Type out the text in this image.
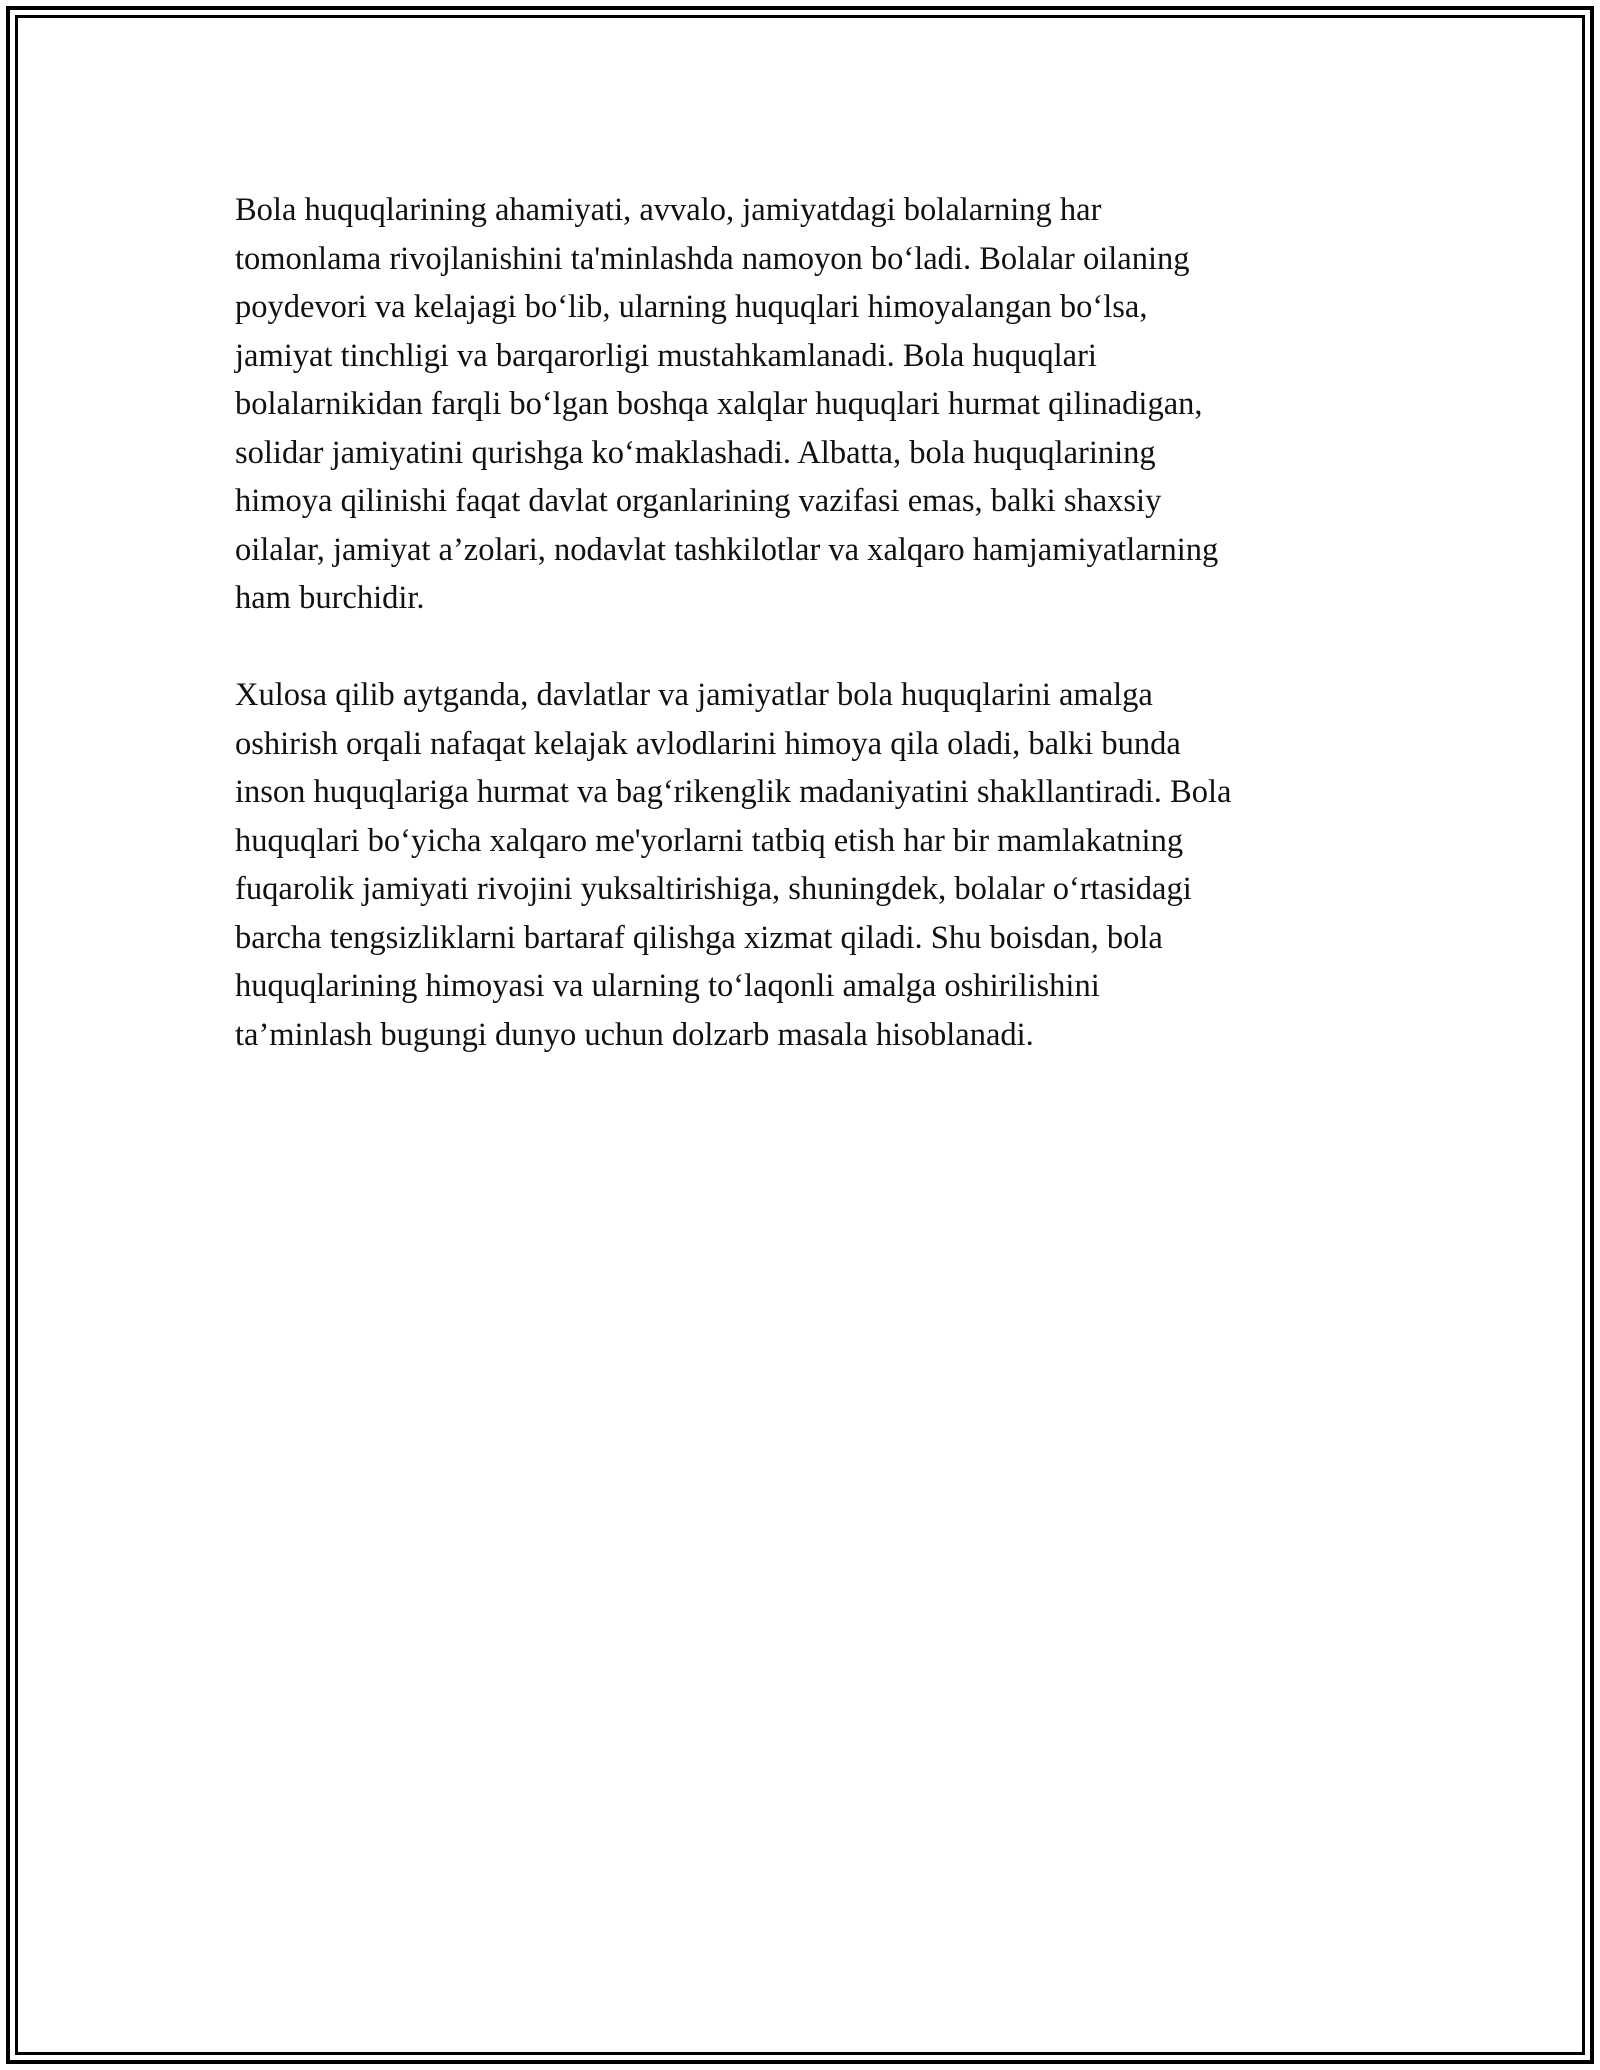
Bola huquqlarining ahamiyati, avvalo, jamiyatdagi bolalarning har
tomonlama rivojlanishini ta'minlashda namoyon bo‘ladi. Bolalar oilaning
poydevori va kelajagi bo‘lib, ularning huquqlari himoyalangan bo‘lsa,
jamiyat tinchligi va barqarorligi mustahkamlanadi. Bola huquqlari
bolalarnikidan farqli bo‘lgan boshqa xalqlar huquqlari hurmat qilinadigan,
solidar jamiyatini qurishga ko‘maklashadi. Albatta, bola huquqlarining
himoya qilinishi faqat davlat organlarining vazifasi emas, balki shaxsiy
oilalar, jamiyat a’zolari, nodavlat tashkilotlar va xalqaro hamjamiyatlarning
ham burchidir.

Xulosa qilib aytganda, davlatlar va jamiyatlar bola huquqlarini amalga
oshirish orqali nafaqat kelajak avlodlarini himoya qila oladi, balki bunda
inson huquqlariga hurmat va bag‘rikenglik madaniyatini shakllantiradi. Bola
huquqlari bo‘yicha xalqaro me'yorlarni tatbiq etish har bir mamlakatning
fuqarolik jamiyati rivojini yuksaltirishiga, shuningdek, bolalar o‘rtasidagi
barcha tengsizliklarni bartaraf qilishga xizmat qiladi. Shu boisdan, bola
huquqlarining himoyasi va ularning to‘laqonli amalga oshirilishini
ta’minlash bugungi dunyo uchun dolzarb masala hisoblanadi.
